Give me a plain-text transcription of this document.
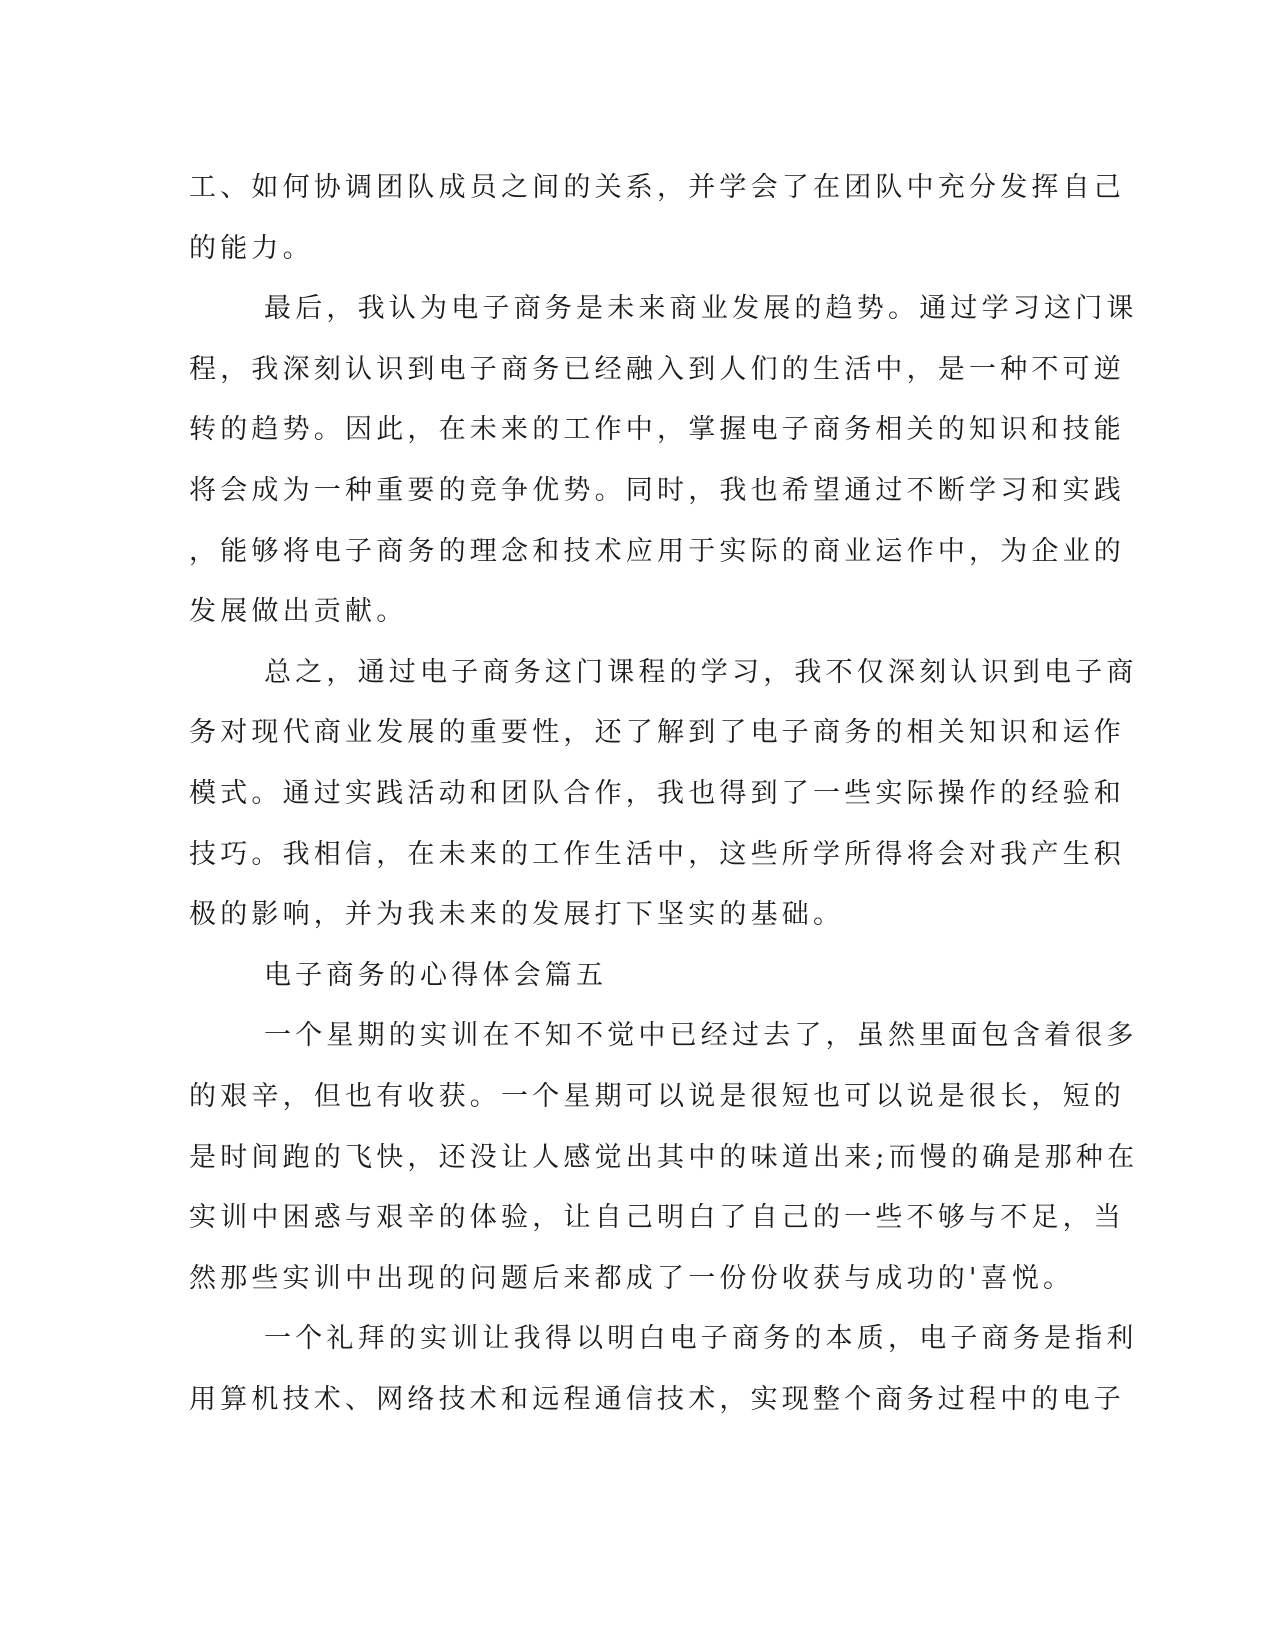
工、如何协调团队成员之间的关系，并学会了在团队中充分发挥自己
的能力。
最后，我认为电子商务是未来商业发展的趋势。通过学习这门课
程，我深刻认识到电子商务已经融入到人们的生活中，是一种不可逆
转的趋势。因此，在未来的工作中，掌握电子商务相关的知识和技能
将会成为一种重要的竞争优势。同时，我也希望通过不断学习和实践
，能够将电子商务的理念和技术应用于实际的商业运作中，为企业的
发展做出贡献。
总之，通过电子商务这门课程的学习，我不仅深刻认识到电子商
务对现代商业发展的重要性，还了解到了电子商务的相关知识和运作
模式。通过实践活动和团队合作，我也得到了一些实际操作的经验和
技巧。我相信，在未来的工作生活中，这些所学所得将会对我产生积
极的影响，并为我未来的发展打下坚实的基础。
电子商务的心得体会篇五
一个星期的实训在不知不觉中已经过去了，虽然里面包含着很多
的艰辛，但也有收获。一个星期可以说是很短也可以说是很长，短的
是时间跑的飞快，还没让人感觉出其中的味道出来;而慢的确是那种在
实训中困惑与艰辛的体验，让自己明白了自己的一些不够与不足，当
然那些实训中出现的问题后来都成了一份份收获与成功的'喜悦。
一个礼拜的实训让我得以明白电子商务的本质，电子商务是指利
用算机技术、网络技术和远程通信技术，实现整个商务过程中的电子
